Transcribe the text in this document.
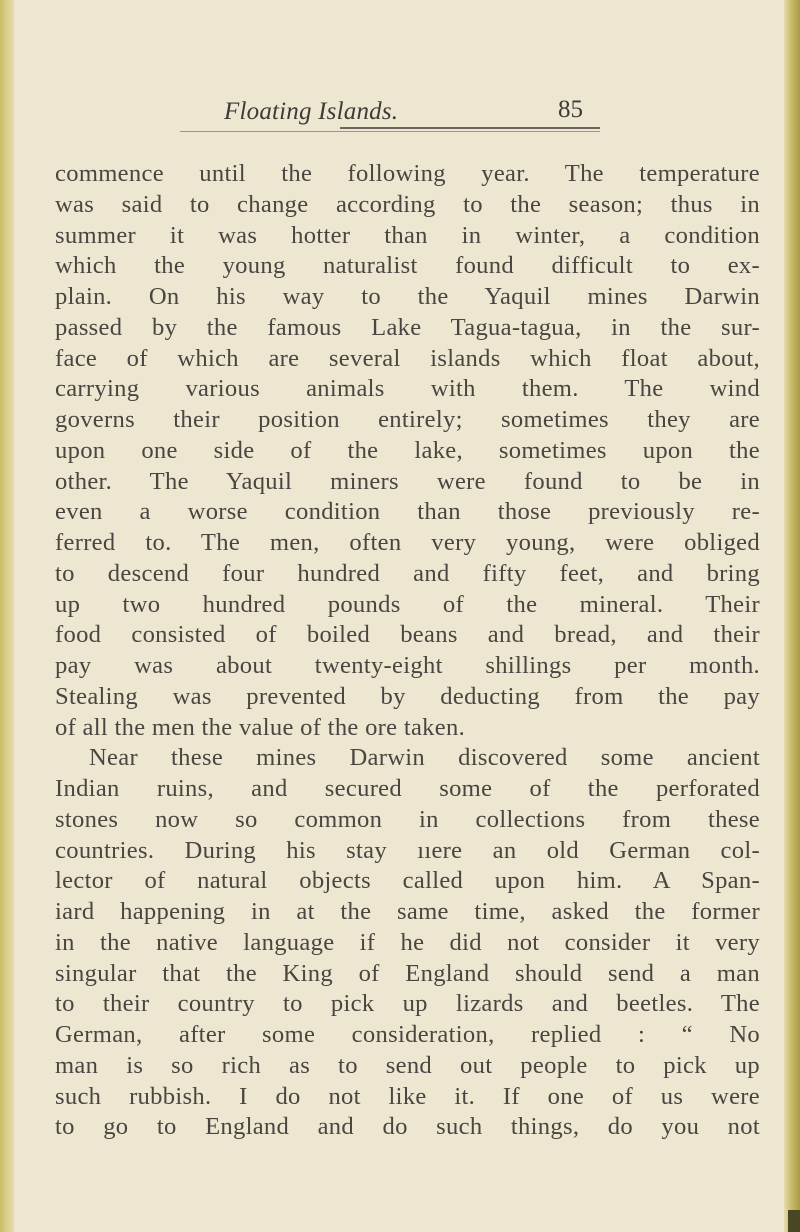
Floating Islands.	85
commence until the following year. The temperature
was said to change according to the season; thus in
summer it was hotter than in winter, a condition
which the young naturalist found difficult to ex-
plain. On his way to the Yaquil mines Darwin
passed by the famous Lake Tagua-tagua, in the sur-
face of which are several islands which float about,
carrying various animals with them. The wind
governs their position entirely; sometimes they are
upon one side of the lake, sometimes upon the
other. The Yaquil miners were found to be in
even a worse condition than those previously re-
ferred to. The men, often very young, were obliged
to descend four hundred and fifty feet, and bring
up two hundred pounds of the mineral. Their
food consisted of boiled beans and bread, and their
pay was about twenty-eight shillings per month.
Stealing was prevented by deducting from the pay
of all the men the value of the ore taken.
Near these mines Darwin discovered some ancient
Indian ruins, and secured some of the perforated
stones now so common in collections from these
countries. During his stay ııere an old German col-
lector of natural objects called upon him. A Span-
iard happening in at the same time, asked the former
in the native language if he did not consider it very
singular that the King of England should send a man
to their country to pick up lizards and beetles. The
German, after some consideration, replied : “ No
man is so rich as to send out people to pick up
such rubbish. I do not like it. If one of us were
to go to England and do such things, do you not
